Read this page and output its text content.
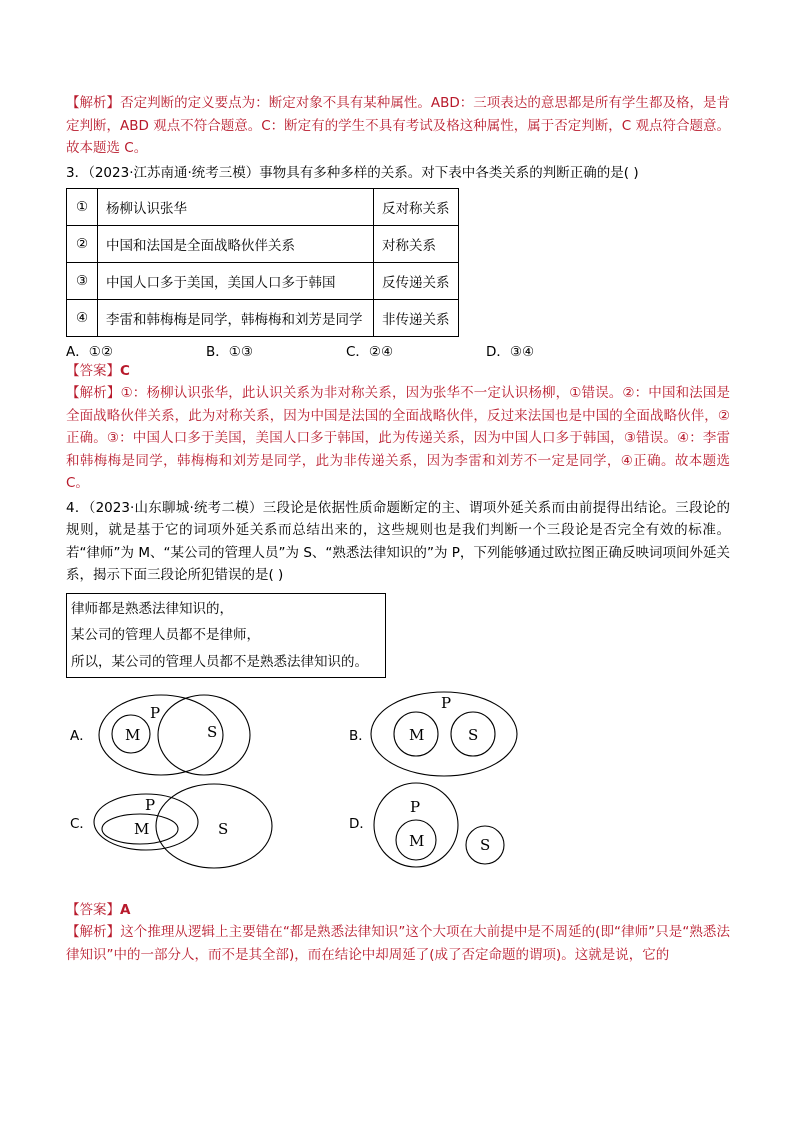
【解析】否定判断的定义要点为：断定对象不具有某种属性。ABD：三项表达的意思都是所有学生都及格，是肯定判断，ABD 观点不符合题意。C：断定有的学生不具有考试及格这种属性，属于否定判断，C 观点符合题意。故本题选 C。

3．（2023·江苏南通·统考三模）事物具有多种多样的关系。对下表中各类关系的判断正确的是( )

①	杨柳认识张华	反对称关系
②	中国和法国是全面战略伙伴关系	对称关系
③	中国人口多于美国，美国人口多于韩国	反传递关系
④	李雷和韩梅梅是同学，韩梅梅和刘芳是同学	非传递关系
A．①②	B．①③	C．②④	D．③④
【答案】C

【解析】①：杨柳认识张华，此认识关系为非对称关系，因为张华不一定认识杨柳，①错误。②：中国和法国是全面战略伙伴关系，此为对称关系，因为中国是法国的全面战略伙伴，反过来法国也是中国的全面战略伙伴，②正确。③：中国人口多于美国，美国人口多于韩国，此为传递关系，因为中国人口多于韩国，③错误。④：李雷和韩梅梅是同学，韩梅梅和刘芳是同学，此为非传递关系，因为李雷和刘芳不一定是同学，④正确。故本题选 C。

4．（2023·山东聊城·统考二模）三段论是依据性质命题断定的主、谓项外延关系而由前提得出结论。三段论的规则，就是基于它的词项外延关系而总结出来的，这些规则也是我们判断一个三段论是否完全有效的标准。若“律师”为 M、“某公司的管理人员”为 S、“熟悉法律知识的”为 P，下列能够通过欧拉图正确反映词项间外延关系，揭示下面三段论所犯错误的是( )

律师都是熟悉法律知识的，
某公司的管理人员都不是律师，
所以，某公司的管理人员都不是熟悉法律知识的。
A． M
P
S	B． M
P
S
C．	M
P
S	D．
M
P
S
【答案】A

【解析】这个推理从逻辑上主要错在“都是熟悉法律知识”这个大项在大前提中是不周延的(即“律师”只是“熟悉法律知识”中的一部分人，而不是其全部)，而在结论中却周延了(成了否定命题的谓项)。这就是说，它的
